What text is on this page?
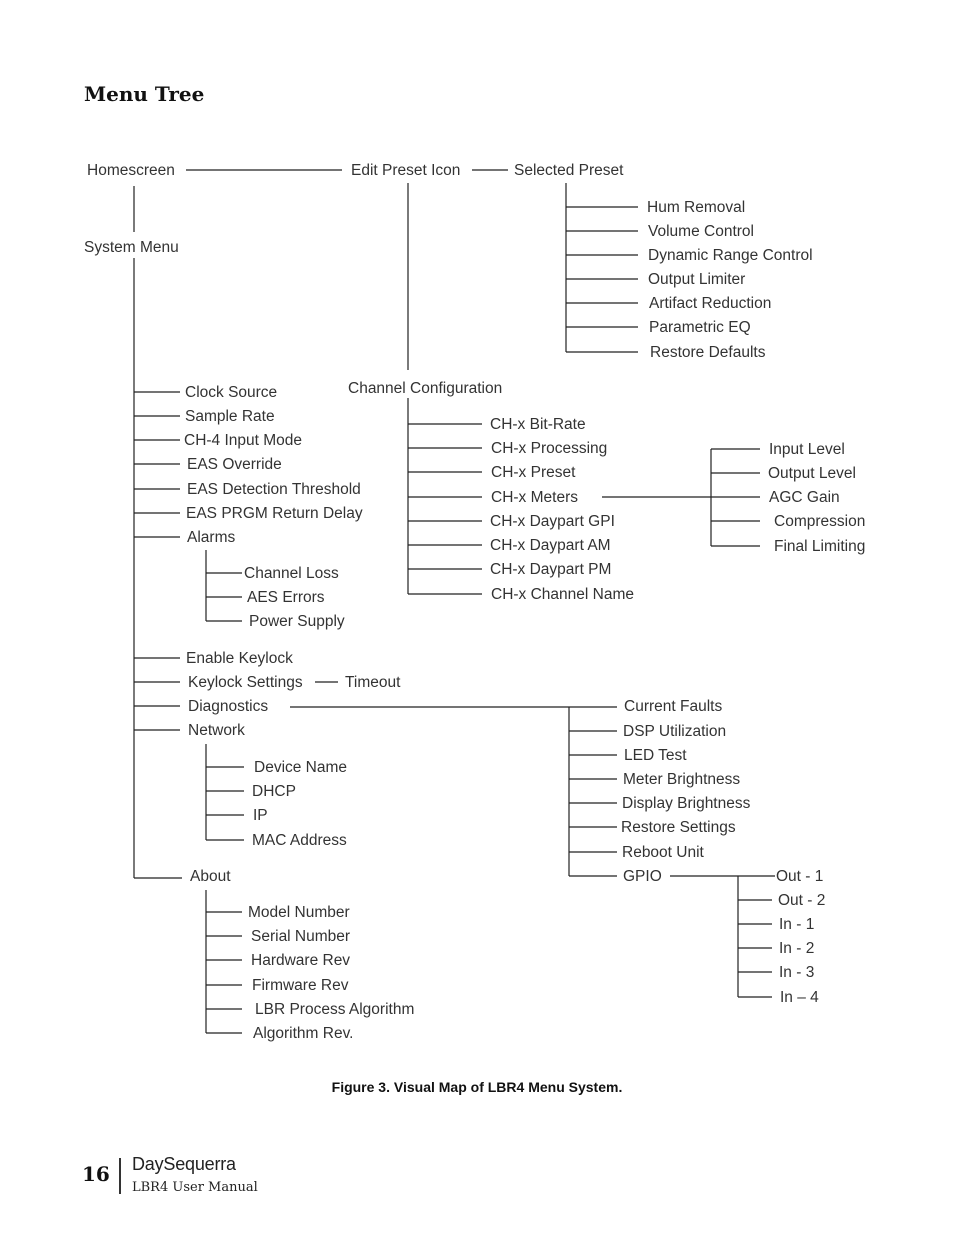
Menu Tree
Homescreen	Edit Preset Icon	Selected Preset
System Menu
Hum Removal
Volume Control
Dynamic Range Control
Output Limiter
Artifact Reduction
Parametric EQ
Restore Defaults
Channel Configuration
CH-x Bit-Rate
CH-x Processing
CH-x Preset
CH-x Meters
CH-x Daypart GPI
CH-x Daypart AM
CH-x Daypart PM
CH-x Channel Name
Input Level
Output Level
AGC Gain
Compression
Final Limiting
Clock Source
Sample Rate
CH-4 Input Mode
EAS Override
EAS Detection Threshold
EAS PRGM Return Delay
Alarms
Channel Loss
AES Errors
Power Supply
Enable Keylock
Keylock Settings	Timeout
Diagnostics
Network
Current Faults
DSP Utilization
LED Test
Meter Brightness
Display Brightness
Restore Settings
Reboot Unit
GPIO	Out - 1
Out - 2
In - 1
In - 2
In - 3
In – 4
Device Name
DHCP
IP
MAC Address
About
Model Number
Serial Number
Hardware Rev
Firmware Rev
LBR Process Algorithm
Algorithm Rev.
Figure 3. Visual Map of LBR4 Menu System.
16 DaySequerra
LBR4 User Manual
